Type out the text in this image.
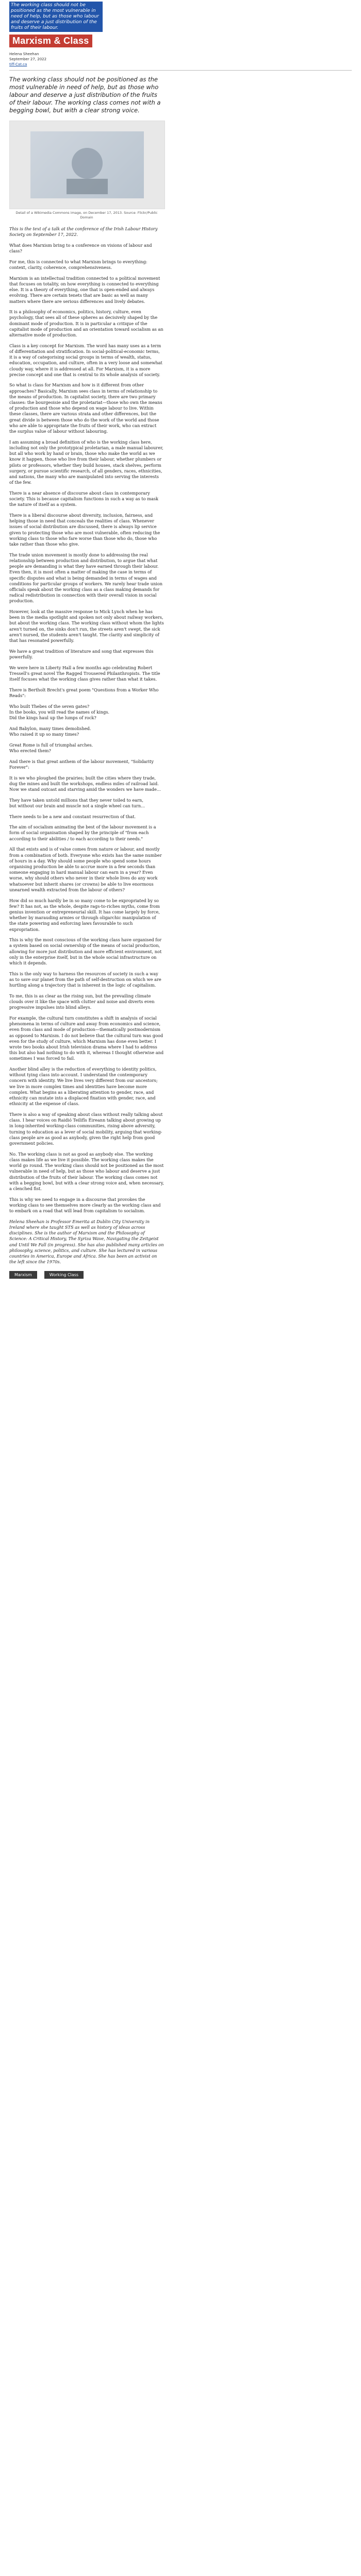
The working class should not be positioned as the most vulnerable in need of help, but as those who labour and deserve a just distribution of the fruits of their labour.
Marxism & Class
Helena Sheehan
September 27, 2022
tiff-Cat.ca
The working class should not be positioned as the most vulnerable in need of help, but as those who labour and deserve a just distribution of the fruits of their labour. The working class comes not with a begging bowl, but with a clear strong voice.
Detail of a Wikimedia Commons image, on December 17, 2013. Source: Flickr/Public Domain

This is the text of a talk at the conference of the Irish Labour History Society on September 17, 2022.

What does Marxism bring to a conference on visions of labour and class?

For me, this is connected to what Marxism brings to everything: context, clarity, coherence, comprehensiveness.

Marxism is an intellectual tradition connected to a political movement that focuses on totality, on how everything is connected to everything else. It is a theory of everything, one that is open-ended and always evolving. There are certain tenets that are basic as well as many matters where there are serious differences and lively debates.

It is a philosophy of economics, politics, history, culture, even psychology, that sees all of these spheres as decisively shaped by the dominant mode of production. It is in particular a critique of the capitalist mode of production and an orientation toward socialism as an alternative mode of production.

Class is a key concept for Marxism. The word has many uses as a term of differentiation and stratification. In social-political-economic terms, it is a way of categorising social groups in terms of wealth, status, education, occupation, and culture, often in a very loose and somewhat cloudy way, where it is addressed at all. For Marxism, it is a more precise concept and one that is central to its whole analysis of society.

So what is class for Marxism and how is it different from other approaches? Basically, Marxism sees class in terms of relationship to the means of production. In capitalist society, there are two primary classes: the bourgeoisie and the proletariat—those who own the means of production and those who depend on wage labour to live. Within these classes, there are various strata and other differences, but the great divide is between those who do the work of the world and those who are able to appropriate the fruits of their work, who can extract the surplus value of labour without labouring.

I am assuming a broad definition of who is the working class here, including not only the prototypical proletarian, a male manual labourer, but all who work by hand or brain, those who make the world as we know it happen, those who live from their labour, whether plumbers or pilots or professors, whether they build houses, stack shelves, perform surgery, or pursue scientific research, of all genders, races, ethnicities, and nations, the many who are manipulated into serving the interests of the few.

There is a near absence of discourse about class in contemporary society. This is because capitalism functions in such a way as to mask the nature of itself as a system.

There is a liberal discourse about diversity, inclusion, fairness, and helping those in need that conceals the realities of class. Whenever issues of social distribution are discussed, there is always lip service given to protecting those who are most vulnerable, often reducing the working class to those who fare worse than those who do, those who take rather than those who give.

The trade union movement is mostly done to addressing the real relationship between production and distribution, to argue that what people are demanding is what they have earned through their labour. Even then, it is most often a matter of making the case in terms of specific disputes and what is being demanded in terms of wages and conditions for particular groups of workers. We rarely hear trade union officials speak about the working class as a class making demands for radical redistribution in connection with their overall vision in social production.

However, look at the massive response to Mick Lynch when he has been in the media spotlight and spoken not only about railway workers, but about the working class. The working class without whom the lights aren't turned on, the sinks don't run, the streets aren't swept, the sick aren't nursed, the students aren't taught. The clarity and simplicity of that has resonated powerfully.

We have a great tradition of literature and song that expresses this powerfully.

We were here in Liberty Hall a few months ago celebrating Robert Tressell's great novel The Ragged Trousered Philanthropists. The title itself focuses what the working class gives rather than what it takes.

There is Bertholt Brecht's great poem "Questions from a Worker Who Reads":

Who built Thebes of the seven gates?
In the books, you will read the names of kings.
Did the kings haul up the lumps of rock?
And Babylon, many times demolished.
Who raised it up so many times?
Great Rome is full of triumphal arches.
Who erected them?

And there is that great anthem of the labour movement, "Solidarity Forever":

It is we who ploughed the prairies; built the cities where they trade,
dug the mines and built the workshops, endless miles of railroad laid.
Now we stand outcast and starving amid the wonders we have made...
They have taken untold millions that they never toiled to earn,
but without our brain and muscle not a single wheel can turn...

There needs to be a new and constant resurrection of that.

The aim of socialism animating the best of the labour movement is a form of social organisation shaped by the principle of "from each according to their abilities / to each according to their needs."

All that exists and is of value comes from nature or labour, and mostly from a combination of both. Everyone who exists has the same number of hours in a day. Why should some people who spend some hours organising production be able to accrue more in a few seconds than someone engaging in hard manual labour can earn in a year? Even worse, why should others who never in their whole lives do any work whatsoever but inherit shares (or crowns) be able to live enormous unearned wealth extracted from the labour of others?

How did so much hardly be in so many come to be expropriated by so few? It has not, as the whole, despite rags-to-riches myths, come from genius invention or entrepreneurial skill. It has come largely by force, whether by marauding armies or through oligarchic manipulation of the state powering and enforcing laws favourable to such expropriation.

This is why the most conscious of the working class have organised for a system based on social ownership of the means of social production, allowing for more just distribution and more efficient environment, not only in the enterprise itself, but in the whole social infrastructure on which it depends.

This is the only way to harness the resources of society in such a way as to save our planet from the path of self-destruction on which we are hurtling along a trajectory that is inherent in the logic of capitalism.

To me, this is as clear as the rising sun, but the prevailing climate clouds over it like the space with clutter and noise and diverts even progressive impulses into blind alleys.

For example, the cultural turn constitutes a shift in analysis of social phenomena in terms of culture and away from economics and science, even from class and mode of production—thematically postmodernism as opposed to Marxism. I do not believe that the cultural turn was good even for the study of culture, which Marxism has done even better. I wrote two books about Irish television drama where I had to address this but also had nothing to do with it, whereas I thought otherwise and sometimes I was forced to fail.

Another blind alley is the reduction of everything to identity politics, without tying class into account. I understand the contemporary concern with identity. We live lives very different from our ancestors; we live in more complex times and identities have become more complex. What begins as a liberating attention to gender, race, and ethnicity can mutate into a displaced fixation with gender, race, and ethnicity at the expense of class.

There is also a way of speaking about class without really talking about class. I hear voices on Raidió Teilifís Éireann talking about growing up in long-inherited working-class communities, rising above adversity, turning to education as a lever of social mobility, arguing that working-class people are as good as anybody, given the right help from good government policies.

No. The working class is not as good as anybody else. The working class makes life as we live it possible. The working class makes the world go round. The working class should not be positioned as the most vulnerable in need of help, but as those who labour and deserve a just distribution of the fruits of their labour. The working class comes not with a begging bowl, but with a clear strong voice and, when necessary, a clenched fist.

This is why we need to engage in a discourse that provokes the working class to see themselves more clearly as the working class and to embark on a road that will lead from capitalism to socialism.

Helena Sheehan is Professor Emerita at Dublin City University in Ireland where she taught STS as well as history of ideas across disciplines. She is the author of Marxism and the Philosophy of Science: A Critical History, The Syriza Wave, Navigating the Zeitgeist and Until We Fall (in progress). She has also published many articles on philosophy, science, politics, and culture. She has lectured in various countries in America, Europe and Africa. She has been an activist on the left since the 1970s.

Marxism	Working Class
